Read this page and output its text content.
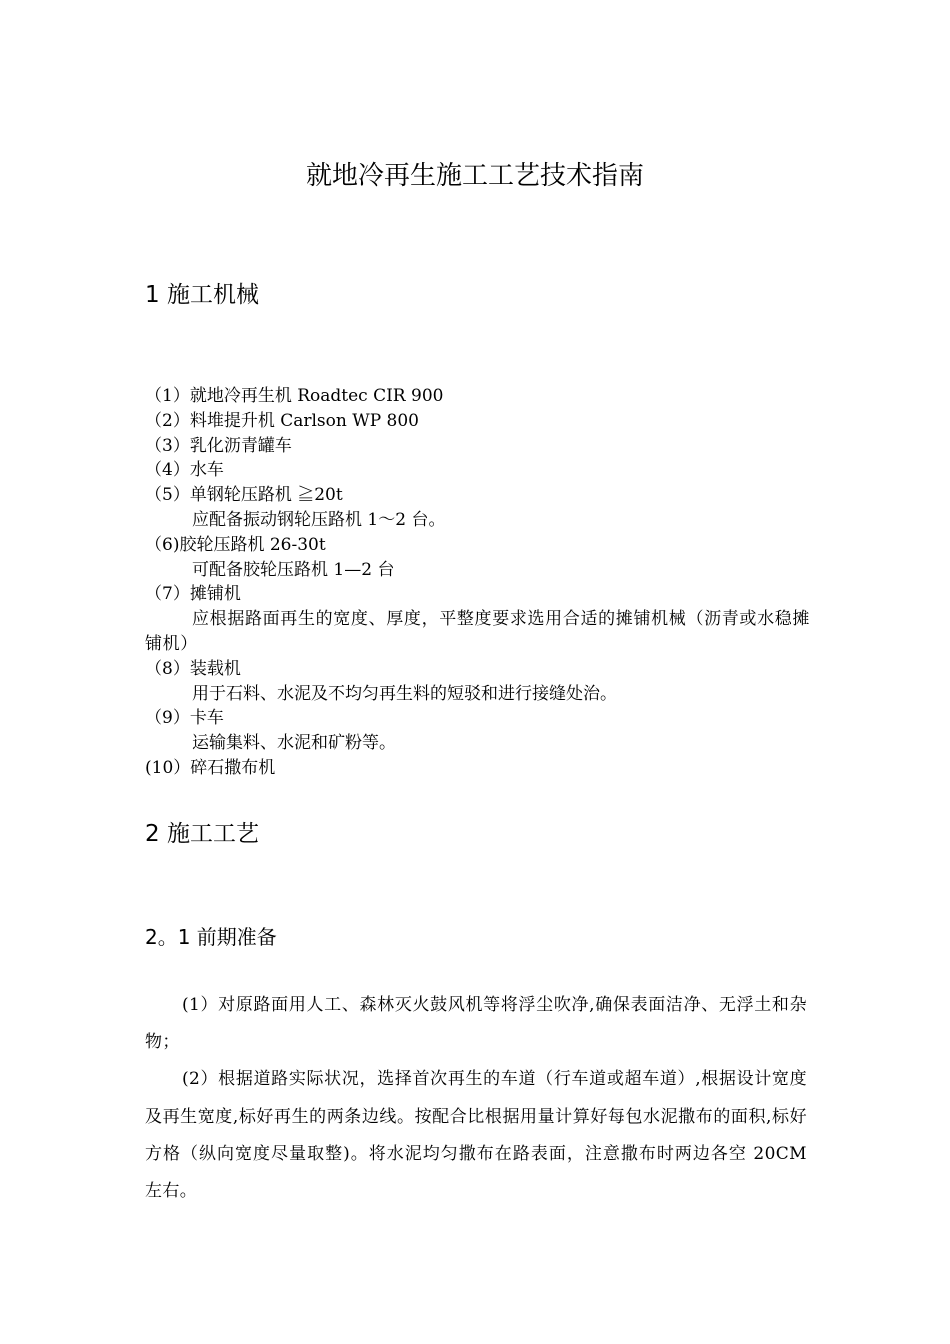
就地冷再生施工工艺技术指南
1 施工机械
（1）就地冷再生机 Roadtec CIR 900
（2）料堆提升机 Carlson WP 800
（3）乳化沥青罐车
（4）水车
（5）单钢轮压路机 ≧20t
应配备振动钢轮压路机 1～2 台。
（6)胶轮压路机 26-30t
可配备胶轮压路机 1—2 台
（7）摊铺机
应根据路面再生的宽度、厚度，平整度要求选用合适的摊铺机械（沥青或水稳摊铺机）
（8）装载机
用于石料、水泥及不均匀再生料的短驳和进行接缝处治。
（9）卡车
运输集料、水泥和矿粉等。
(10）碎石撒布机
2 施工工艺
2。1 前期准备

(1）对原路面用人工、森林灭火鼓风机等将浮尘吹净,确保表面洁净、无浮土和杂物；

(2）根据道路实际状况，选择首次再生的车道（行车道或超车道）,根据设计宽度及再生宽度,标好再生的两条边线。按配合比根据用量计算好每包水泥撒布的面积,标好方格（纵向宽度尽量取整)。将水泥均匀撒布在路表面，注意撒布时两边各空 20CM 左右。
